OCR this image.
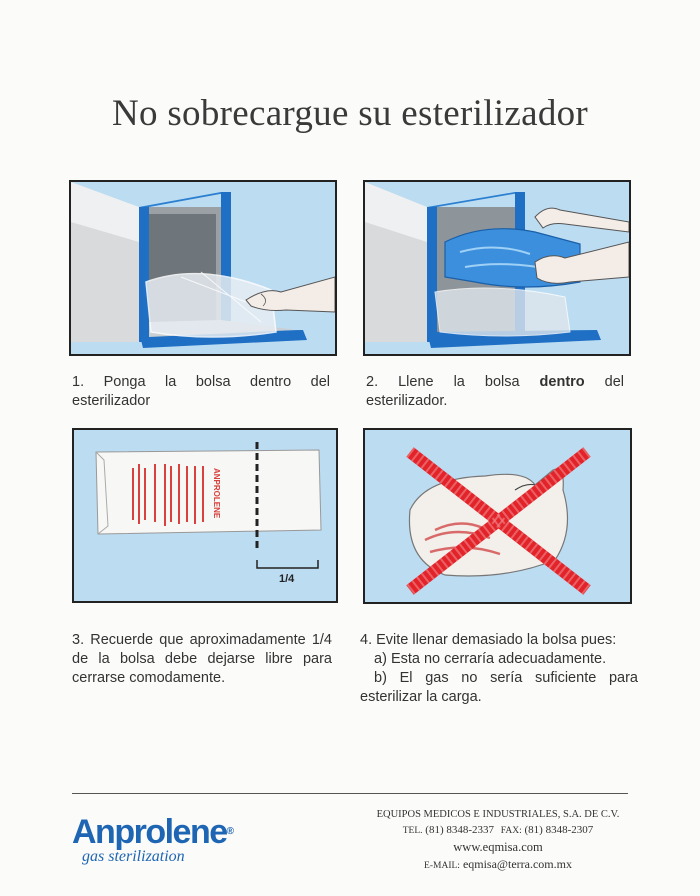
No sobrecargue su esterilizador
1. Ponga la bolsa dentro del esterilizador
2. Llene la bolsa dentro del esterilizador.
ANPROLENE
1/4
3. Recuerde que aproximadamente 1/4 de la bolsa debe dejarse libre para cerrarse comodamente.
4. Evite llenar demasiado la bolsa pues:
a) Esta no cerraría adecuadamente.
b) El gas no sería suficiente para esterilizar la carga.
Anprolene®
gas sterilization
EQUIPOS MEDICOS E INDUSTRIALES, S.A. DE C.V.
TEL. (81) 8348-2337 FAX: (81) 8348-2307
www.eqmisa.com
E-MAIL: eqmisa@terra.com.mx
